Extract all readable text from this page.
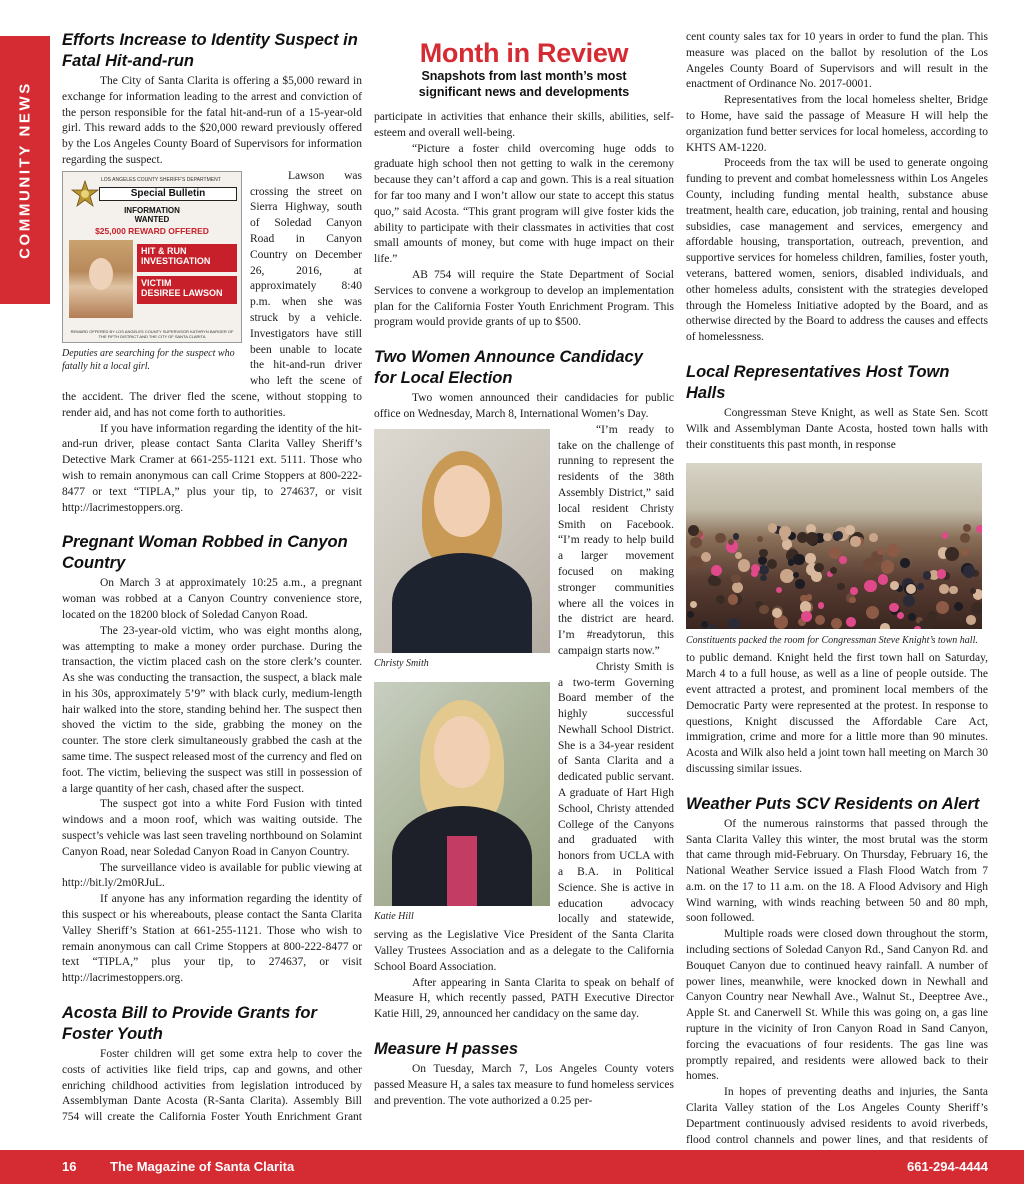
COMMUNITY NEWS
Efforts Increase to Identity Suspect in
Fatal Hit-and-run

The City of Santa Clarita is offering a $5,000 reward in exchange for information leading to the arrest and conviction of the person responsible for the fatal hit-and-run of a 15-year-old girl. This reward adds to the $20,000 reward previously offered by the Los Angeles County Board of Supervisors for information regarding the suspect.

LOS ANGELES COUNTY SHERIFF’S DEPARTMENT
Special Bulletin
INFORMATION
WANTED
$25,000 REWARD OFFERED
HIT & RUN
INVESTIGATION
VICTIM
DESIREE LAWSON
REWARD OFFERED BY LOS ANGELES COUNTY SUPERVISOR KATHRYN BARGER OF THE FIFTH DISTRICT AND THE CITY OF SANTA CLARITA
Deputies are searching for the suspect who fatally hit a local girl.

Lawson was crossing the street on Sierra Highway, south of Soledad Canyon Road in Canyon Country on December 26, 2016, at approximately 8:40 p.m. when she was struck by a vehicle. Investigators have still been unable to locate the hit-and-run driver who left the scene of the accident. The driver fled the scene, without stopping to render aid, and has not come forth to authorities.

If you have information regarding the identity of the hit-and-run driver, please contact Santa Clarita Valley Sheriff’s Detective Mark Cramer at 661-255-1121 ext. 5111. Those who wish to remain anonymous can call Crime Stoppers at 800-222-8477 or text “TIPLA,” plus your tip, to 274637, or visit http://lacrimestoppers.org.

Pregnant Woman Robbed in Canyon
Country

On March 3 at approximately 10:25 a.m., a pregnant woman was robbed at a Canyon Country convenience store, located on the 18200 block of Soledad Canyon Road.

The 23-year-old victim, who was eight months along, was attempting to make a money order purchase. During the transaction, the victim placed cash on the store clerk’s counter. As she was conducting the transaction, the suspect, a black male in his 30s, approximately 5’9” with black curly, medium-length hair walked into the store, standing behind her. The suspect then shoved the victim to the side, grabbing the money on the counter. The store clerk simultaneously grabbed the cash at the same time. The suspect released most of the currency and fled on foot. The victim, believing the suspect was still in possession of a large quantity of her cash, chased after the suspect.

The suspect got into a white Ford Fusion with tinted windows and a moon roof, which was waiting outside. The suspect’s vehicle was last seen traveling northbound on Solamint Canyon Road, near Soledad Canyon Road in Canyon Country.

The surveillance video is available for public viewing at http://bit.ly/2m0RJuL.

If anyone has any information regarding the identity of this suspect or his whereabouts, please contact the Santa Clarita Valley Sheriff’s Station at 661-255-1121. Those who wish to remain anonymous can call Crime Stoppers at 800-222-8477 or text “TIPLA,” plus your tip, to 274637, or visit http://lacrimestoppers.org.

Acosta Bill to Provide Grants for
Foster Youth

Foster children will get some extra help to cover the costs of activities like field trips, cap and gowns, and other enriching childhood activities from legislation introduced by Assemblyman Dante Acosta (R-Santa Clarita). Assembly Bill 754 will create the California Foster Youth Enrichment Grant

Month in Review
Snapshots from last month’s most
significant news and developments

participate in activities that enhance their skills, abilities, self-esteem and overall well-being.

“Picture a foster child overcoming huge odds to graduate high school then not getting to walk in the ceremony because they can’t afford a cap and gown. This is a real situation for far too many and I won’t allow our state to accept this status quo,” said Acosta. “This grant program will give foster kids the ability to participate with their classmates in activities that cost small amounts of money, but come with huge impact on their life.”

AB 754 will require the State Department of Social Services to convene a workgroup to develop an implementation plan for the California Foster Youth Enrichment Program. This program would provide grants of up to $500.

Two Women Announce Candidacy
for Local Election

Two women announced their candidacies for public office on Wednesday, March 8, International Women’s Day.

Christy Smith
Katie Hill

“I’m ready to take on the challenge of running to represent the residents of the 38th Assembly District,” said local resident Christy Smith on Facebook. “I’m ready to help build a larger movement focused on making stronger communities where all the voices in the district are heard. I’m #readytorun, this campaign starts now.”

Christy Smith is a two-term Governing Board member of the highly successful Newhall School District. She is a 34-year resident of Santa Clarita and a dedicated public servant. A graduate of Hart High School, Christy attended College of the Canyons and graduated with honors from UCLA with a B.A. in Political Science. She is active in education advocacy locally and statewide, serving as the Legislative Vice President of the Santa Clarita Valley Trustees Association and as a delegate to the California School Board Association.

After appearing in Santa Clarita to speak on behalf of Measure H, which recently passed, PATH Executive Director Katie Hill, 29, announced her candidacy on the same day.

Measure H passes

On Tuesday, March 7, Los Angeles County voters passed Measure H, a sales tax measure to fund homeless services and prevention. The vote authorized a 0.25 per-

cent county sales tax for 10 years in order to fund the plan. This measure was placed on the ballot by resolution of the Los Angeles County Board of Supervisors and will result in the enactment of Ordinance No. 2017-0001.

Representatives from the local homeless shelter, Bridge to Home, have said the passage of Measure H will help the organization fund better services for local homeless, according to KHTS AM-1220.

Proceeds from the tax will be used to generate ongoing funding to prevent and combat homelessness within Los Angeles County, including funding mental health, substance abuse treatment, health care, education, job training, rental and housing subsidies, case management and services, emergency and affordable housing, transportation, outreach, prevention, and supportive services for homeless children, families, foster youth, veterans, battered women, seniors, disabled individuals, and other homeless adults, consistent with the strategies developed through the Homeless Initiative adopted by the Board, and as otherwise directed by the Board to address the causes and effects of homelessness.

Local Representatives Host Town Halls

Congressman Steve Knight, as well as State Sen. Scott Wilk and Assemblyman Dante Acosta, hosted town halls with their constituents this past month, in response

Constituents packed the room for Congressman Steve Knight’s town hall.

to public demand. Knight held the first town hall on Saturday, March 4 to a full house, as well as a line of people outside. The event attracted a protest, and prominent local members of the Democratic Party were represented at the protest. In response to questions, Knight discussed the Affordable Care Act, immigration, crime and more for a little more than 90 minutes. Acosta and Wilk also held a joint town hall meeting on March 30 discussing similar issues.

Weather Puts SCV Residents on Alert

Of the numerous rainstorms that passed through the Santa Clarita Valley this winter, the most brutal was the storm that came through mid-February. On Thursday, February 16, the National Weather Service issued a Flash Flood Watch from 7 a.m. on the 17 to 11 a.m. on the 18. A Flood Advisory and High Wind warning, with winds reaching between 50 and 80 mph, soon followed.

Multiple roads were closed down throughout the storm, including sections of Soledad Canyon Rd., Sand Canyon Rd. and Bouquet Canyon due to continued heavy rainfall. A number of power lines, meanwhile, were knocked down in Newhall and Canyon Country near Newhall Ave., Walnut St., Deeptree Ave., Apple St. and Canerwell St. While this was going on, a gas line rupture in the vicinity of Iron Canyon Road in Sand Canyon, forcing the evacuations of four residents. The gas line was promptly repaired, and residents were allowed back to their homes.

In hopes of preventing deaths and injuries, the Santa Clarita Valley station of the Los Angeles County Sheriff’s Department continuously advised residents to avoid riverbeds, flood control channels and power lines, and that residents of

16	The Magazine of Santa Clarita	661-294-4444
